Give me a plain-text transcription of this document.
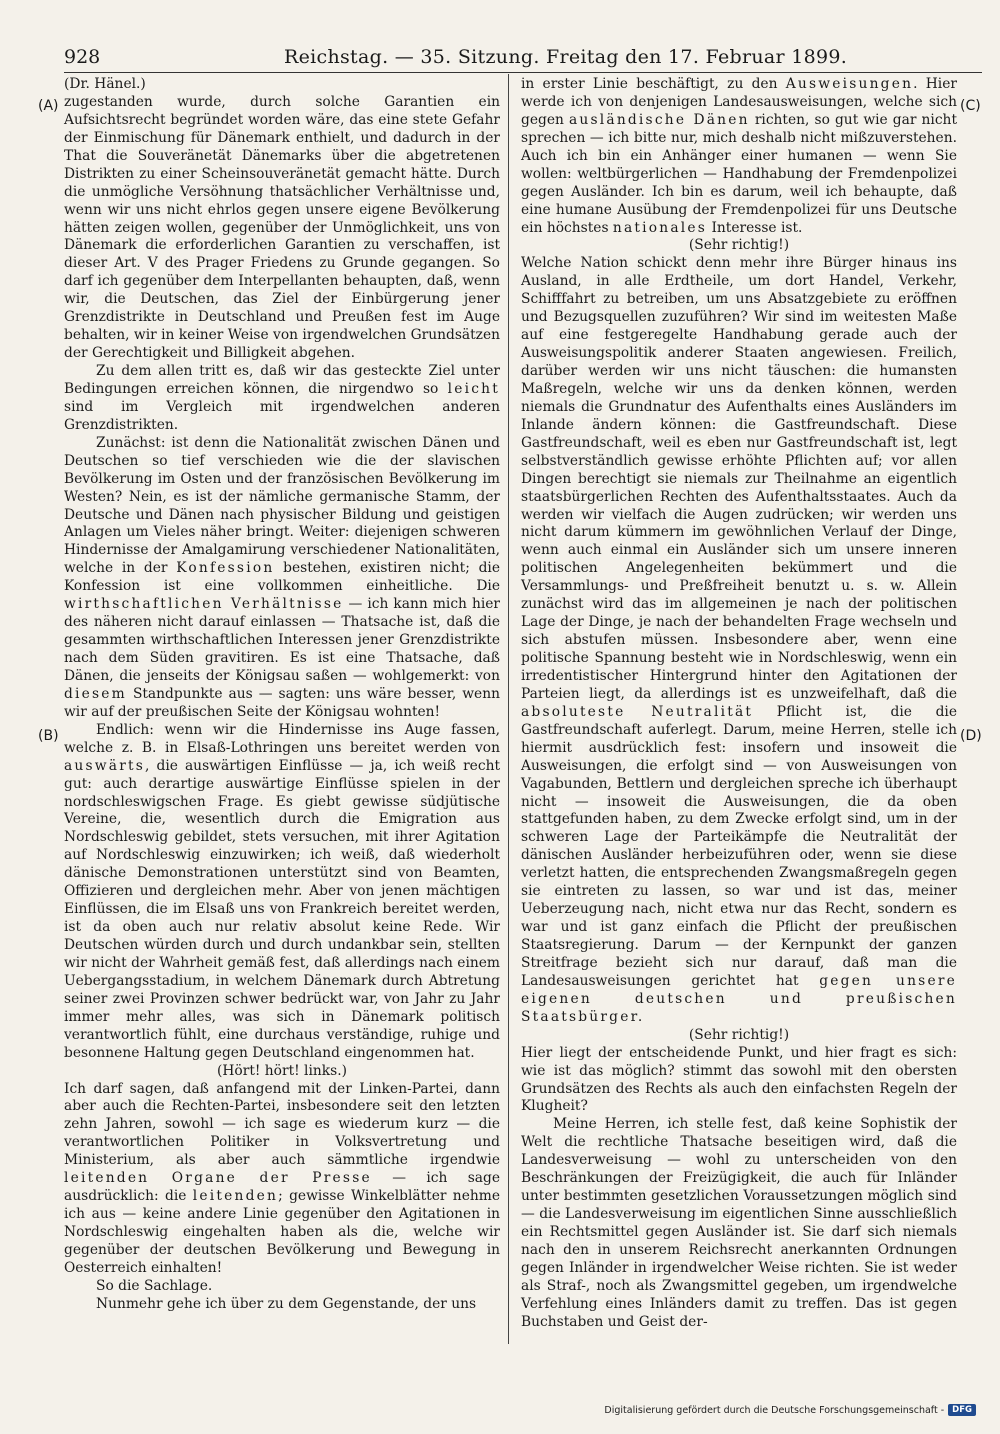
928	Reichstag. — 35. Sitzung. Freitag den 17. Februar 1899.
(A)
(B)
(C)
(D)

(Dr. Hänel.)

zugestanden wurde, durch solche Garantien ein Aufsichtsrecht begründet worden wäre, das eine stete Gefahr der Einmischung für Dänemark enthielt, und dadurch in der That die Souveränetät Dänemarks über die abgetretenen Distrikten zu einer Scheinsouveränetät gemacht hätte. Durch die unmögliche Versöhnung thatsächlicher Verhältnisse und, wenn wir uns nicht ehrlos gegen unsere eigene Bevölkerung hätten zeigen wollen, gegenüber der Unmöglichkeit, uns von Dänemark die erforderlichen Garantien zu verschaffen, ist dieser Art. V des Prager Friedens zu Grunde gegangen. So darf ich gegenüber dem Interpellanten behaupten, daß, wenn wir, die Deutschen, das Ziel der Einbürgerung jener Grenzdistrikte in Deutschland und Preußen fest im Auge behalten, wir in keiner Weise von irgendwelchen Grundsätzen der Gerechtigkeit und Billigkeit abgehen.

Zu dem allen tritt es, daß wir das gesteckte Ziel unter Bedingungen erreichen können, die nirgendwo so leicht sind im Vergleich mit irgendwelchen anderen Grenzdistrikten.

Zunächst: ist denn die Nationalität zwischen Dänen und Deutschen so tief verschieden wie die der slavischen Bevölkerung im Osten und der französischen Bevölkerung im Westen? Nein, es ist der nämliche germanische Stamm, der Deutsche und Dänen nach physischer Bildung und geistigen Anlagen um Vieles näher bringt. Weiter: diejenigen schweren Hindernisse der Amalgamirung verschiedener Nationalitäten, welche in der Konfession bestehen, existiren nicht; die Konfession ist eine vollkommen einheitliche. Die wirthschaftlichen Verhältnisse — ich kann mich hier des näheren nicht darauf einlassen — Thatsache ist, daß die gesammten wirthschaftlichen Interessen jener Grenzdistrikte nach dem Süden gravitiren. Es ist eine Thatsache, daß Dänen, die jenseits der Königsau saßen — wohlgemerkt: von diesem Standpunkte aus — sagten: uns wäre besser, wenn wir auf der preußischen Seite der Königsau wohnten!

Endlich: wenn wir die Hindernisse ins Auge fassen, welche z. B. in Elsaß-Lothringen uns bereitet werden von auswärts, die auswärtigen Einflüsse — ja, ich weiß recht gut: auch derartige auswärtige Einflüsse spielen in der nordschleswigschen Frage. Es giebt gewisse südjütische Vereine, die, wesentlich durch die Emigration aus Nordschleswig gebildet, stets versuchen, mit ihrer Agitation auf Nordschleswig einzuwirken; ich weiß, daß wiederholt dänische Demonstrationen unterstützt sind von Beamten, Offizieren und dergleichen mehr. Aber von jenen mächtigen Einflüssen, die im Elsaß uns von Frankreich bereitet werden, ist da oben auch nur relativ absolut keine Rede. Wir Deutschen würden durch und durch undankbar sein, stellten wir nicht der Wahrheit gemäß fest, daß allerdings nach einem Uebergangsstadium, in welchem Dänemark durch Abtretung seiner zwei Provinzen schwer bedrückt war, von Jahr zu Jahr immer mehr alles, was sich in Dänemark politisch verantwortlich fühlt, eine durchaus verständige, ruhige und besonnene Haltung gegen Deutschland eingenommen hat.

(Hört! hört! links.)

Ich darf sagen, daß anfangend mit der Linken-Partei, dann aber auch die Rechten-Partei, insbesondere seit den letzten zehn Jahren, sowohl — ich sage es wiederum kurz — die verantwortlichen Politiker in Volksvertretung und Ministerium, als aber auch sämmtliche irgendwie leitenden Organe der Presse — ich sage ausdrücklich: die leitenden; gewisse Winkelblätter nehme ich aus — keine andere Linie gegenüber den Agitationen in Nordschleswig eingehalten haben als die, welche wir gegenüber der deutschen Bevölkerung und Bewegung in Oesterreich einhalten!

So die Sachlage.

Nunmehr gehe ich über zu dem Gegenstande, der uns

in erster Linie beschäftigt, zu den Ausweisungen. Hier werde ich von denjenigen Landesausweisungen, welche sich gegen ausländische Dänen richten, so gut wie gar nicht sprechen — ich bitte nur, mich deshalb nicht mißzuverstehen. Auch ich bin ein Anhänger einer humanen — wenn Sie wollen: weltbürgerlichen — Handhabung der Fremdenpolizei gegen Ausländer. Ich bin es darum, weil ich behaupte, daß eine humane Ausübung der Fremdenpolizei für uns Deutsche ein höchstes nationales Interesse ist.

(Sehr richtig!)

Welche Nation schickt denn mehr ihre Bürger hinaus ins Ausland, in alle Erdtheile, um dort Handel, Verkehr, Schifffahrt zu betreiben, um uns Absatzgebiete zu eröffnen und Bezugsquellen zuzuführen? Wir sind im weitesten Maße auf eine festgeregelte Handhabung gerade auch der Ausweisungspolitik anderer Staaten angewiesen. Freilich, darüber werden wir uns nicht täuschen: die humansten Maßregeln, welche wir uns da denken können, werden niemals die Grundnatur des Aufenthalts eines Ausländers im Inlande ändern können: die Gastfreundschaft. Diese Gastfreundschaft, weil es eben nur Gastfreundschaft ist, legt selbstverständlich gewisse erhöhte Pflichten auf; vor allen Dingen berechtigt sie niemals zur Theilnahme an eigentlich staatsbürgerlichen Rechten des Aufenthaltsstaates. Auch da werden wir vielfach die Augen zudrücken; wir werden uns nicht darum kümmern im gewöhnlichen Verlauf der Dinge, wenn auch einmal ein Ausländer sich um unsere inneren politischen Angelegenheiten bekümmert und die Versammlungs- und Preßfreiheit benutzt u. s. w. Allein zunächst wird das im allgemeinen je nach der politischen Lage der Dinge, je nach der behandelten Frage wechseln und sich abstufen müssen. Insbesondere aber, wenn eine politische Spannung besteht wie in Nordschleswig, wenn ein irredentistischer Hintergrund hinter den Agitationen der Parteien liegt, da allerdings ist es unzweifelhaft, daß die absoluteste Neutralität Pflicht ist, die die Gastfreundschaft auferlegt. Darum, meine Herren, stelle ich hiermit ausdrücklich fest: insofern und insoweit die Ausweisungen, die erfolgt sind — von Ausweisungen von Vagabunden, Bettlern und dergleichen spreche ich überhaupt nicht — insoweit die Ausweisungen, die da oben stattgefunden haben, zu dem Zwecke erfolgt sind, um in der schweren Lage der Parteikämpfe die Neutralität der dänischen Ausländer herbeizuführen oder, wenn sie diese verletzt hatten, die entsprechenden Zwangsmaßregeln gegen sie eintreten zu lassen, so war und ist das, meiner Ueberzeugung nach, nicht etwa nur das Recht, sondern es war und ist ganz einfach die Pflicht der preußischen Staatsregierung. Darum — der Kernpunkt der ganzen Streitfrage bezieht sich nur darauf, daß man die Landesausweisungen gerichtet hat gegen unsere eigenen deutschen und preußischen Staatsbürger.

(Sehr richtig!)

Hier liegt der entscheidende Punkt, und hier fragt es sich: wie ist das möglich? stimmt das sowohl mit den obersten Grundsätzen des Rechts als auch den einfachsten Regeln der Klugheit?

Meine Herren, ich stelle fest, daß keine Sophistik der Welt die rechtliche Thatsache beseitigen wird, daß die Landesverweisung — wohl zu unterscheiden von den Beschränkungen der Freizügigkeit, die auch für Inländer unter bestimmten gesetzlichen Voraussetzungen möglich sind — die Landesverweisung im eigentlichen Sinne ausschließlich ein Rechtsmittel gegen Ausländer ist. Sie darf sich niemals nach den in unserem Reichsrecht anerkannten Ordnungen gegen Inländer in irgendwelcher Weise richten. Sie ist weder als Straf-, noch als Zwangsmittel gegeben, um irgendwelche Verfehlung eines Inländers damit zu treffen. Das ist gegen Buchstaben und Geist der-

Digitalisierung gefördert durch die Deutsche Forschungsgemeinschaft - DFG
